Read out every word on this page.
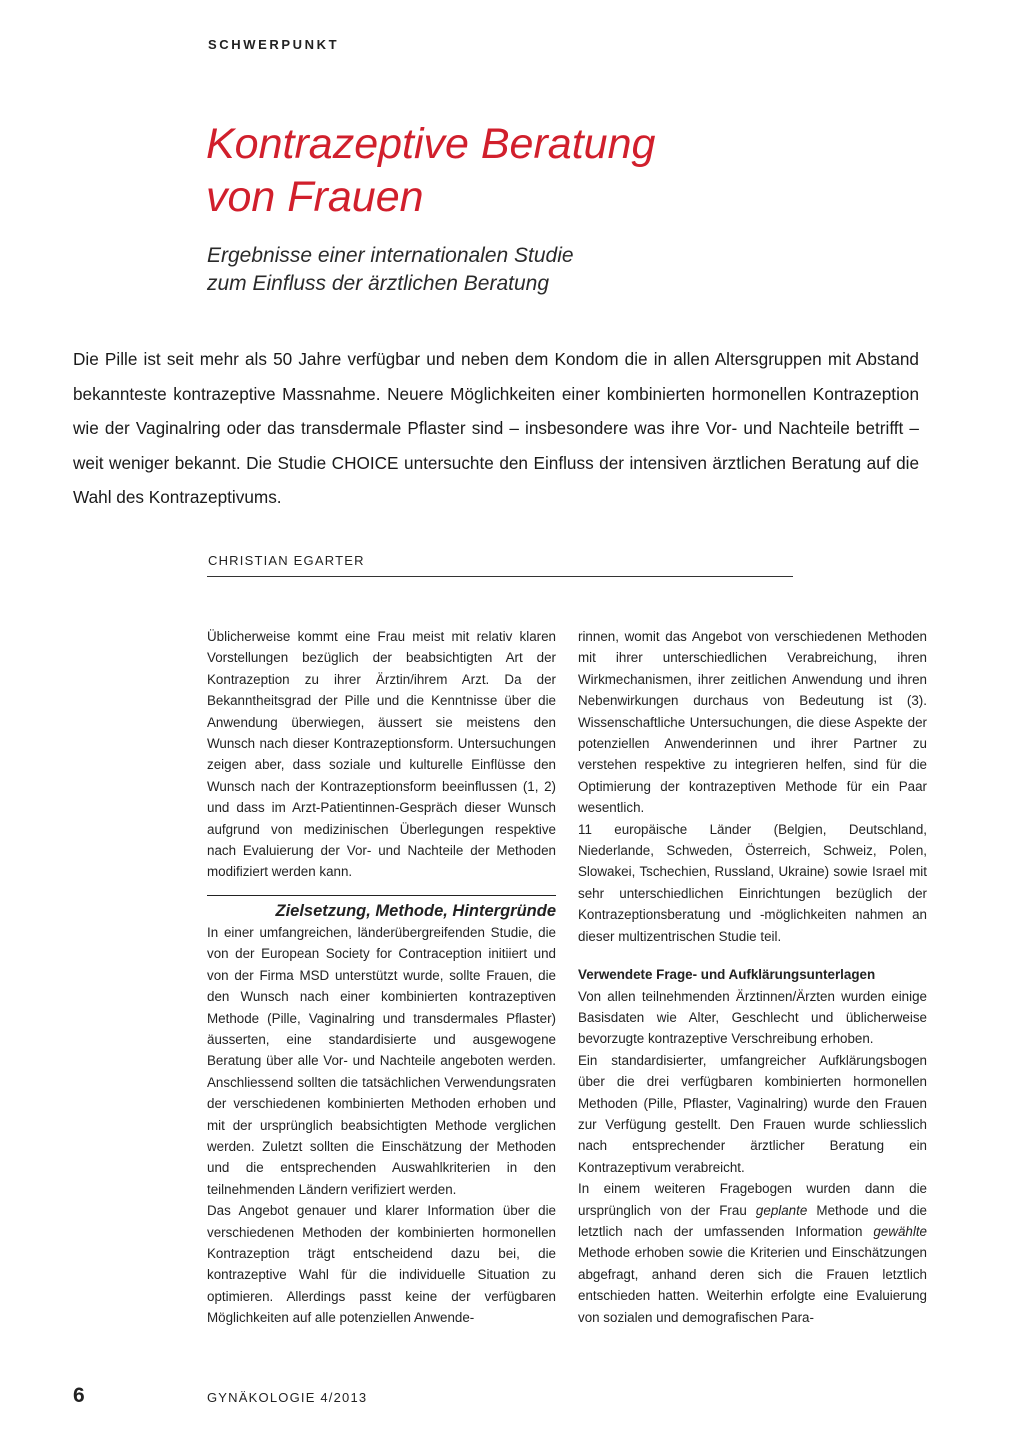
SCHWERPUNKT
Kontrazeptive Beratung
von Frauen
Ergebnisse einer internationalen Studie
zum Einfluss der ärztlichen Beratung

Die Pille ist seit mehr als 50 Jahre verfügbar und neben dem Kondom die in allen Altersgruppen mit Abstand bekannteste kontrazeptive Massnahme. Neuere Möglichkeiten einer kombinierten hormonellen Kontrazeption wie der Vaginalring oder das transdermale Pflaster sind – insbesondere was ihre Vor- und Nachteile betrifft – weit weniger bekannt. Die Studie CHOICE untersuchte den Einfluss der intensiven ärztlichen Beratung auf die Wahl des Kontrazeptivums.

CHRISTIAN EGARTER

Üblicherweise kommt eine Frau meist mit relativ klaren Vorstellungen bezüglich der beabsichtigten Art der Kontrazeption zu ihrer Ärztin/ihrem Arzt. Da der Bekanntheitsgrad der Pille und die Kenntnisse über die Anwendung überwiegen, äussert sie meistens den Wunsch nach dieser Kontrazeptionsform. Untersuchungen zeigen aber, dass soziale und kulturelle Einflüsse den Wunsch nach der Kontrazeptionsform beeinflussen (1, 2) und dass im Arzt-Patientinnen-Gespräch dieser Wunsch aufgrund von medizinischen Überlegungen respektive nach Evaluierung der Vor- und Nachteile der Methoden modifiziert werden kann.

Zielsetzung, Methode, Hintergründe

In einer umfangreichen, länderübergreifenden Studie, die von der European Society for Contraception initiiert und von der Firma MSD unterstützt wurde, sollte Frauen, die den Wunsch nach einer kombinierten kontrazeptiven Methode (Pille, Vaginalring und transdermales Pflaster) äusserten, eine standardisierte und ausgewogene Beratung über alle Vor- und Nachteile angeboten werden. Anschliessend sollten die tatsächlichen Verwendungsraten der verschiedenen kombinierten Methoden erhoben und mit der ursprünglich beabsichtigten Methode verglichen werden. Zuletzt sollten die Einschätzung der Methoden und die entsprechenden Auswahlkriterien in den teilnehmenden Ländern verifiziert werden.

Das Angebot genauer und klarer Information über die verschiedenen Methoden der kombinierten hormonellen Kontrazeption trägt entscheidend dazu bei, die kontrazeptive Wahl für die individuelle Situation zu optimieren. Allerdings passt keine der verfügbaren Möglichkeiten auf alle potenziellen Anwende-

rinnen, womit das Angebot von verschiedenen Methoden mit ihrer unterschiedlichen Verabreichung, ihren Wirkmechanismen, ihrer zeitlichen Anwendung und ihren Nebenwirkungen durchaus von Bedeutung ist (3). Wissenschaftliche Untersuchungen, die diese Aspekte der potenziellen Anwenderinnen und ihrer Partner zu verstehen respektive zu integrieren helfen, sind für die Optimierung der kontrazeptiven Methode für ein Paar wesentlich.

11 europäische Länder (Belgien, Deutschland, Niederlande, Schweden, Österreich, Schweiz, Polen, Slowakei, Tschechien, Russland, Ukraine) sowie Israel mit sehr unterschiedlichen Einrichtungen bezüglich der Kontrazeptionsberatung und -möglichkeiten nahmen an dieser multizentrischen Studie teil.

Verwendete Frage- und Aufklärungsunterlagen

Von allen teilnehmenden Ärztinnen/Ärzten wurden einige Basisdaten wie Alter, Geschlecht und üblicherweise bevorzugte kontrazeptive Verschreibung erhoben.

Ein standardisierter, umfangreicher Aufklärungsbogen über die drei verfügbaren kombinierten hormonellen Methoden (Pille, Pflaster, Vaginalring) wurde den Frauen zur Verfügung gestellt. Den Frauen wurde schliesslich nach entsprechender ärztlicher Beratung ein Kontrazeptivum verabreicht.

In einem weiteren Fragebogen wurden dann die ursprünglich von der Frau geplante Methode und die letztlich nach der umfassenden Information gewählte Methode erhoben sowie die Kriterien und Einschätzungen abgefragt, anhand deren sich die Frauen letztlich entschieden hatten. Weiterhin erfolgte eine Evaluierung von sozialen und demografischen Para-

6	GYNÄKOLOGIE 4/2013
